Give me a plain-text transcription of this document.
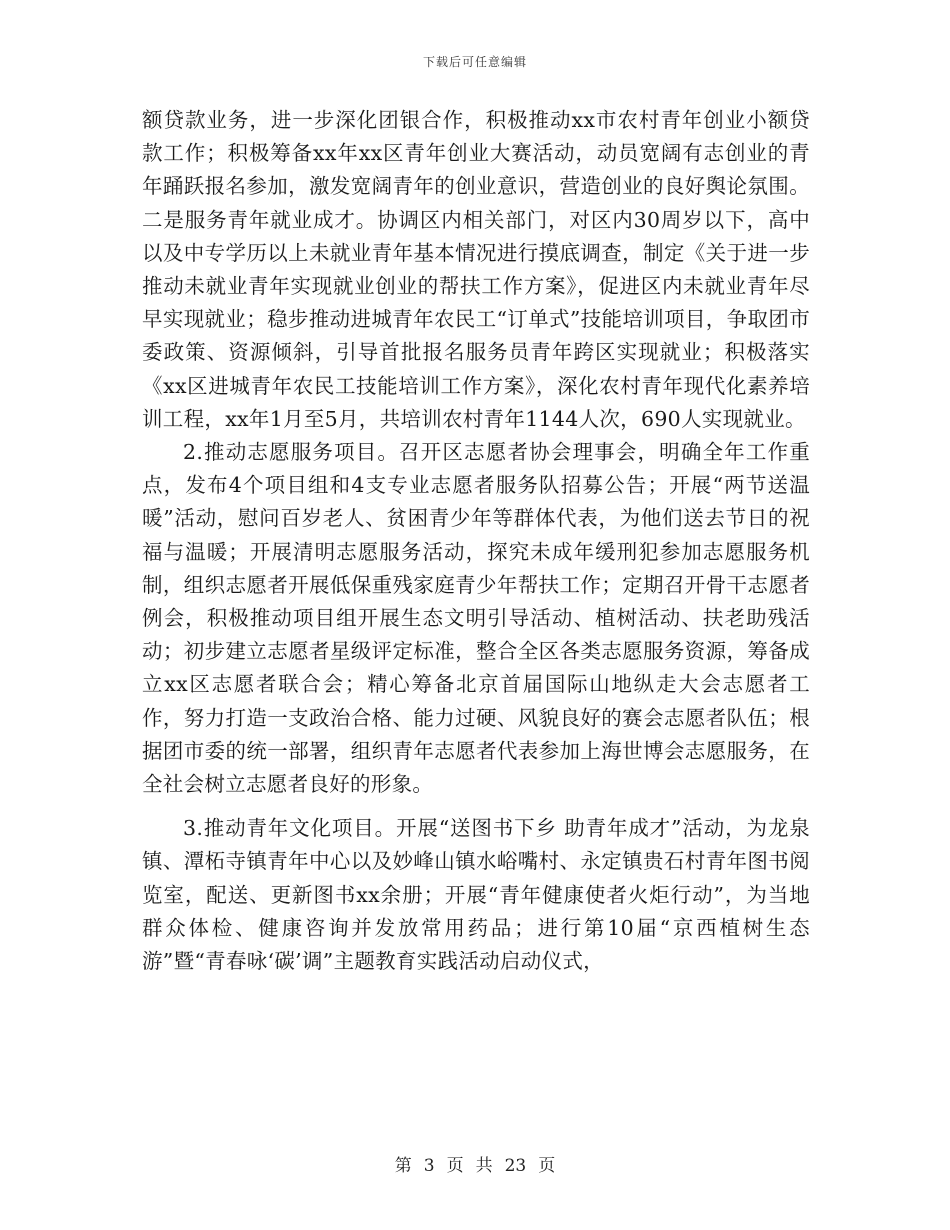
下载后可任意编辑

额贷款业务，进一步深化团银合作，积极推动xx市农村青年创业小额贷款工作；积极筹备xx年xx区青年创业大赛活动，动员宽阔有志创业的青年踊跃报名参加，激发宽阔青年的创业意识，营造创业的良好舆论氛围。二是服务青年就业成才。协调区内相关部门，对区内30周岁以下，高中以及中专学历以上未就业青年基本情况进行摸底调查，制定《关于进一步推动未就业青年实现就业创业的帮扶工作方案》，促进区内未就业青年尽早实现就业；稳步推动进城青年农民工“订单式”技能培训项目，争取团市委政策、资源倾斜，引导首批报名服务员青年跨区实现就业；积极落实《xx区进城青年农民工技能培训工作方案》，深化农村青年现代化素养培训工程，xx年1月至5月，共培训农村青年1144人次，690人实现就业。

2.推动志愿服务项目。召开区志愿者协会理事会，明确全年工作重点，发布4个项目组和4支专业志愿者服务队招募公告；开展“两节送温暖”活动，慰问百岁老人、贫困青少年等群体代表，为他们送去节日的祝福与温暖；开展清明志愿服务活动，探究未成年缓刑犯参加志愿服务机制，组织志愿者开展低保重残家庭青少年帮扶工作；定期召开骨干志愿者例会，积极推动项目组开展生态文明引导活动、植树活动、扶老助残活动；初步建立志愿者星级评定标准，整合全区各类志愿服务资源，筹备成立xx区志愿者联合会；精心筹备北京首届国际山地纵走大会志愿者工作，努力打造一支政治合格、能力过硬、风貌良好的赛会志愿者队伍；根据团市委的统一部署，组织青年志愿者代表参加上海世博会志愿服务，在全社会树立志愿者良好的形象。

3.推动青年文化项目。开展“送图书下乡 助青年成才”活动，为龙泉镇、潭柘寺镇青年中心以及妙峰山镇水峪嘴村、永定镇贵石村青年图书阅览室，配送、更新图书xx余册；开展“青年健康使者火炬行动”，为当地群众体检、健康咨询并发放常用药品；进行第10届“京西植树生态游”暨“青春咏‘碳’调”主题教育实践活动启动仪式，

第 3 页 共 23 页
